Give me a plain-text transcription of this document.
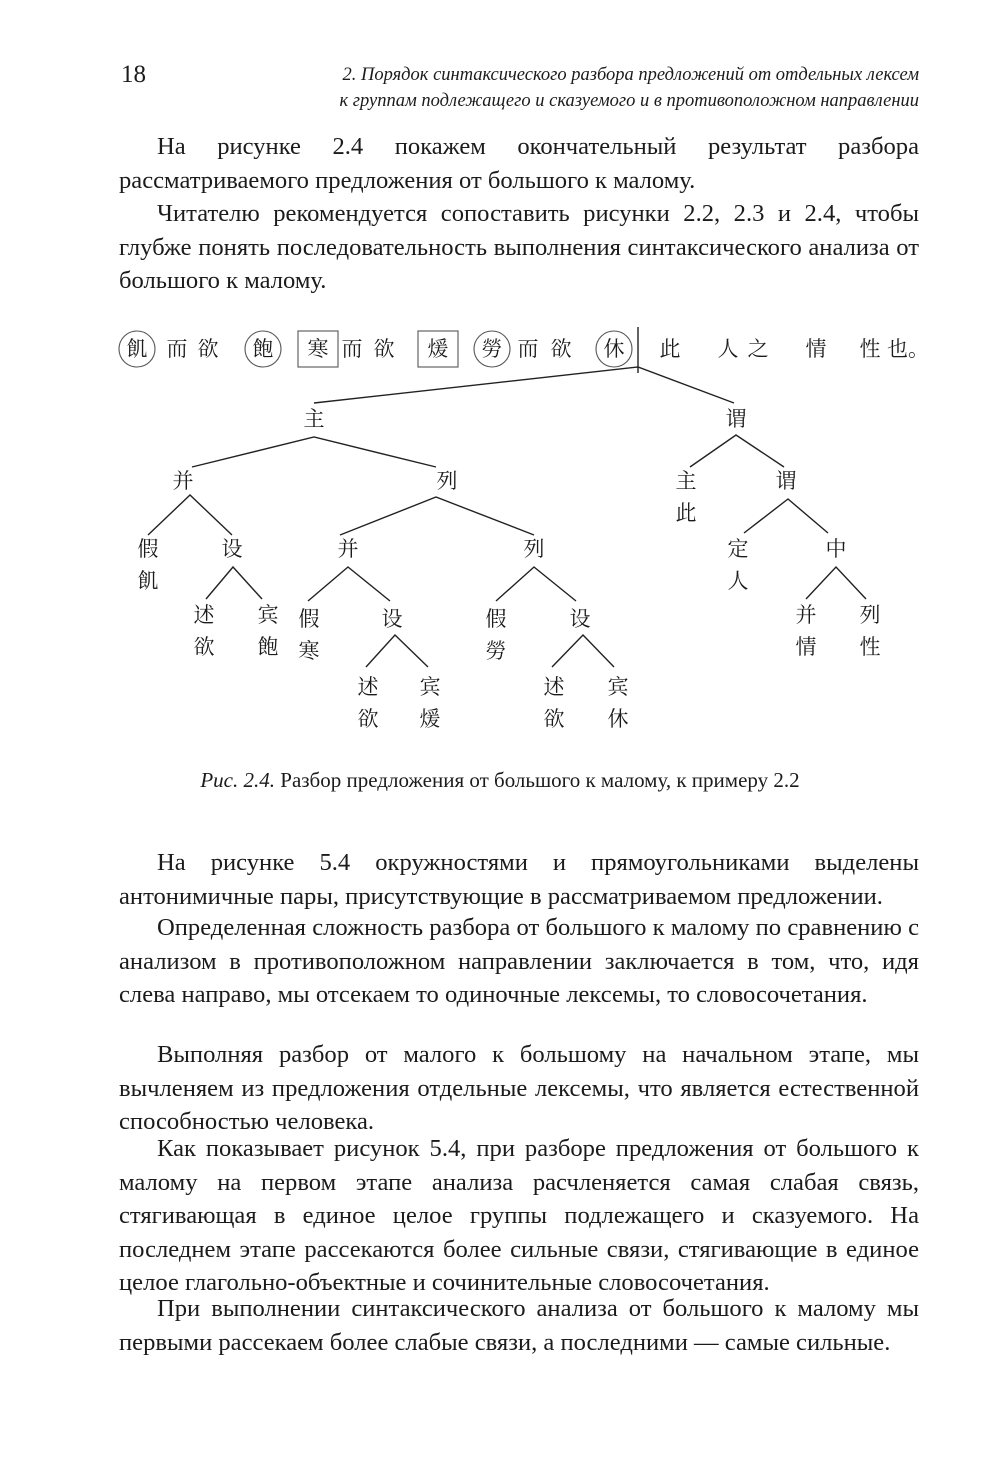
18	2. Порядок синтаксического разбора предложений от отдельных лексем
к группам подлежащего и сказуемого и в противоположном направлении

На рисунке 2.4 покажем окончательный результат разбора рассматриваемого предложения от большого к малому.

Читателю рекомендуется сопоставить рисунки 2.2, 2.3 и 2.4, чтобы глубже понять последовательность выполнения синтаксического анализа от большого к малому.

飢 而 欲 飽 寒 而 欲 煖 勞 而 欲 休 此 人 之 情 性 也。
主	谓
并	列
假
飢
设
述
欲
宾
飽
并	列
假
寒
设
述
欲
宾
煖
假
勞
设
述
欲
宾
休
主
此
谓
定
人
中
并
情
列
性
Рис. 2.4. Разбор предложения от большого к малому, к примеру 2.2

На рисунке 5.4 окружностями и прямоугольниками выделены антонимичные пары, присутствующие в рассматриваемом предложении.

Определенная сложность разбора от большого к малому по сравнению с анализом в противоположном направлении заключается в том, что, идя слева направо, мы отсекаем то одиночные лексемы, то словосочетания.

Выполняя разбор от малого к большому на начальном этапе, мы вычленяем из предложения отдельные лексемы, что является естественной способностью человека.

Как показывает рисунок 5.4, при разборе предложения от большого к малому на первом этапе анализа расчленяется самая слабая связь, стягивающая в единое целое группы подлежащего и сказуемого. На последнем этапе рассекаются более сильные связи, стягивающие в единое целое глагольно-объектные и сочинительные словосочетания.

При выполнении синтаксического анализа от большого к малому мы первыми рассекаем более слабые связи, а последними — самые сильные.
